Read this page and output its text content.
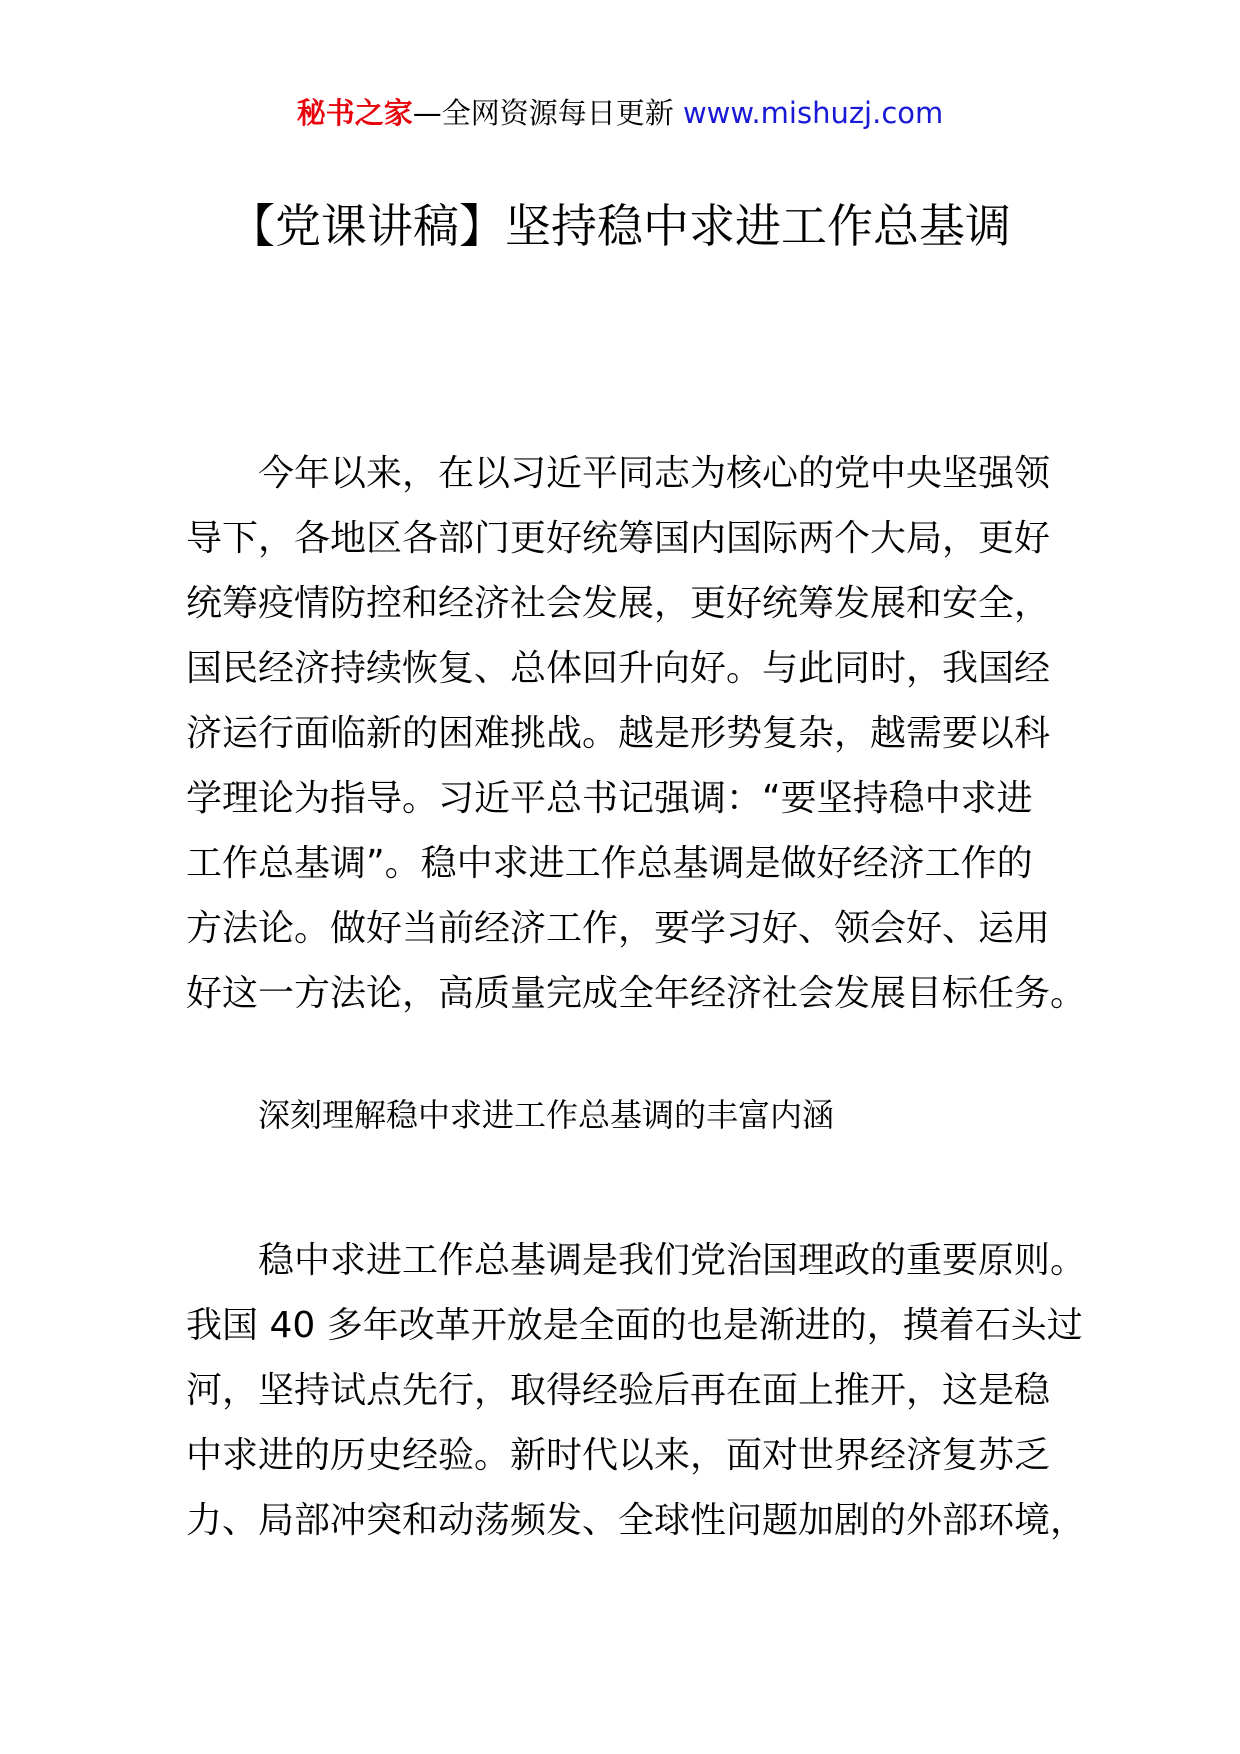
秘书之家—全网资源每日更新 www.mishuzj.com
【党课讲稿】坚持稳中求进工作总基调
今年以来，在以习近平同志为核心的党中央坚强领
导下，各地区各部门更好统筹国内国际两个大局，更好
统筹疫情防控和经济社会发展，更好统筹发展和安全，
国民经济持续恢复、总体回升向好。与此同时，我国经
济运行面临新的困难挑战。越是形势复杂，越需要以科
学理论为指导。习近平总书记强调：“要坚持稳中求进
工作总基调”。稳中求进工作总基调是做好经济工作的
方法论。做好当前经济工作，要学习好、领会好、运用
好这一方法论，高质量完成全年经济社会发展目标任务。
深刻理解稳中求进工作总基调的丰富内涵
稳中求进工作总基调是我们党治国理政的重要原则。
我国 40 多年改革开放是全面的也是渐进的，摸着石头过
河，坚持试点先行，取得经验后再在面上推开，这是稳
中求进的历史经验。新时代以来，面对世界经济复苏乏
力、局部冲突和动荡频发、全球性问题加剧的外部环境，
